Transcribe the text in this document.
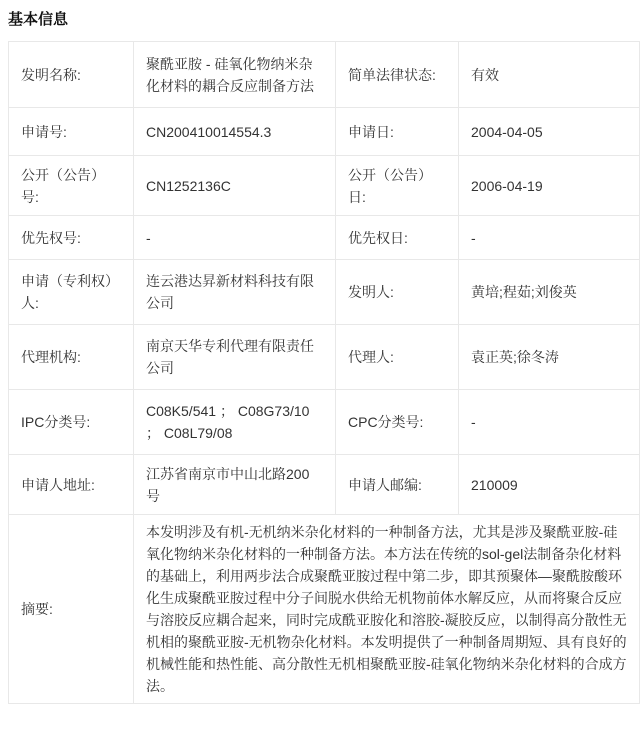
基本信息
发明名称:	聚酰亚胺 - 硅氧化物纳米杂化材料的耦合反应制备方法	简单法律状态:	有效
申请号:	CN200410014554.3	申请日:	2004-04-05
公开（公告）号:	CN1252136C	公开（公告）日:	2006-04-19
优先权号:	-	优先权日:	-
申请（专利权）人:	连云港达昇新材料科技有限公司	发明人:	黄培;程茹;刘俊英
代理机构:	南京天华专利代理有限责任公司	代理人:	袁正英;徐冬涛
IPC分类号:	C08K5/541 ； C08G73/10 ； C08L79/08	CPC分类号:	-
申请人地址:	江苏省南京市中山北路200号	申请人邮编:	210009
摘要:	本发明涉及有机-无机纳米杂化材料的一种制备方法，尤其是涉及聚酰亚胺-硅氧化物纳米杂化材料的一种制备方法。本方法在传统的sol-gel法制备杂化材料的基础上，利用两步法合成聚酰亚胺过程中第二步，即其预聚体—聚酰胺酸环化生成聚酰亚胺过程中分子间脱水供给无机物前体水解反应，从而将聚合反应与溶胶反应耦合起来，同时完成酰亚胺化和溶胶-凝胶反应，以制得高分散性无机相的聚酰亚胺-无机物杂化材料。本发明提供了一种制备周期短、具有良好的机械性能和热性能、高分散性无机相聚酰亚胺-硅氧化物纳米杂化材料的合成方法。		
